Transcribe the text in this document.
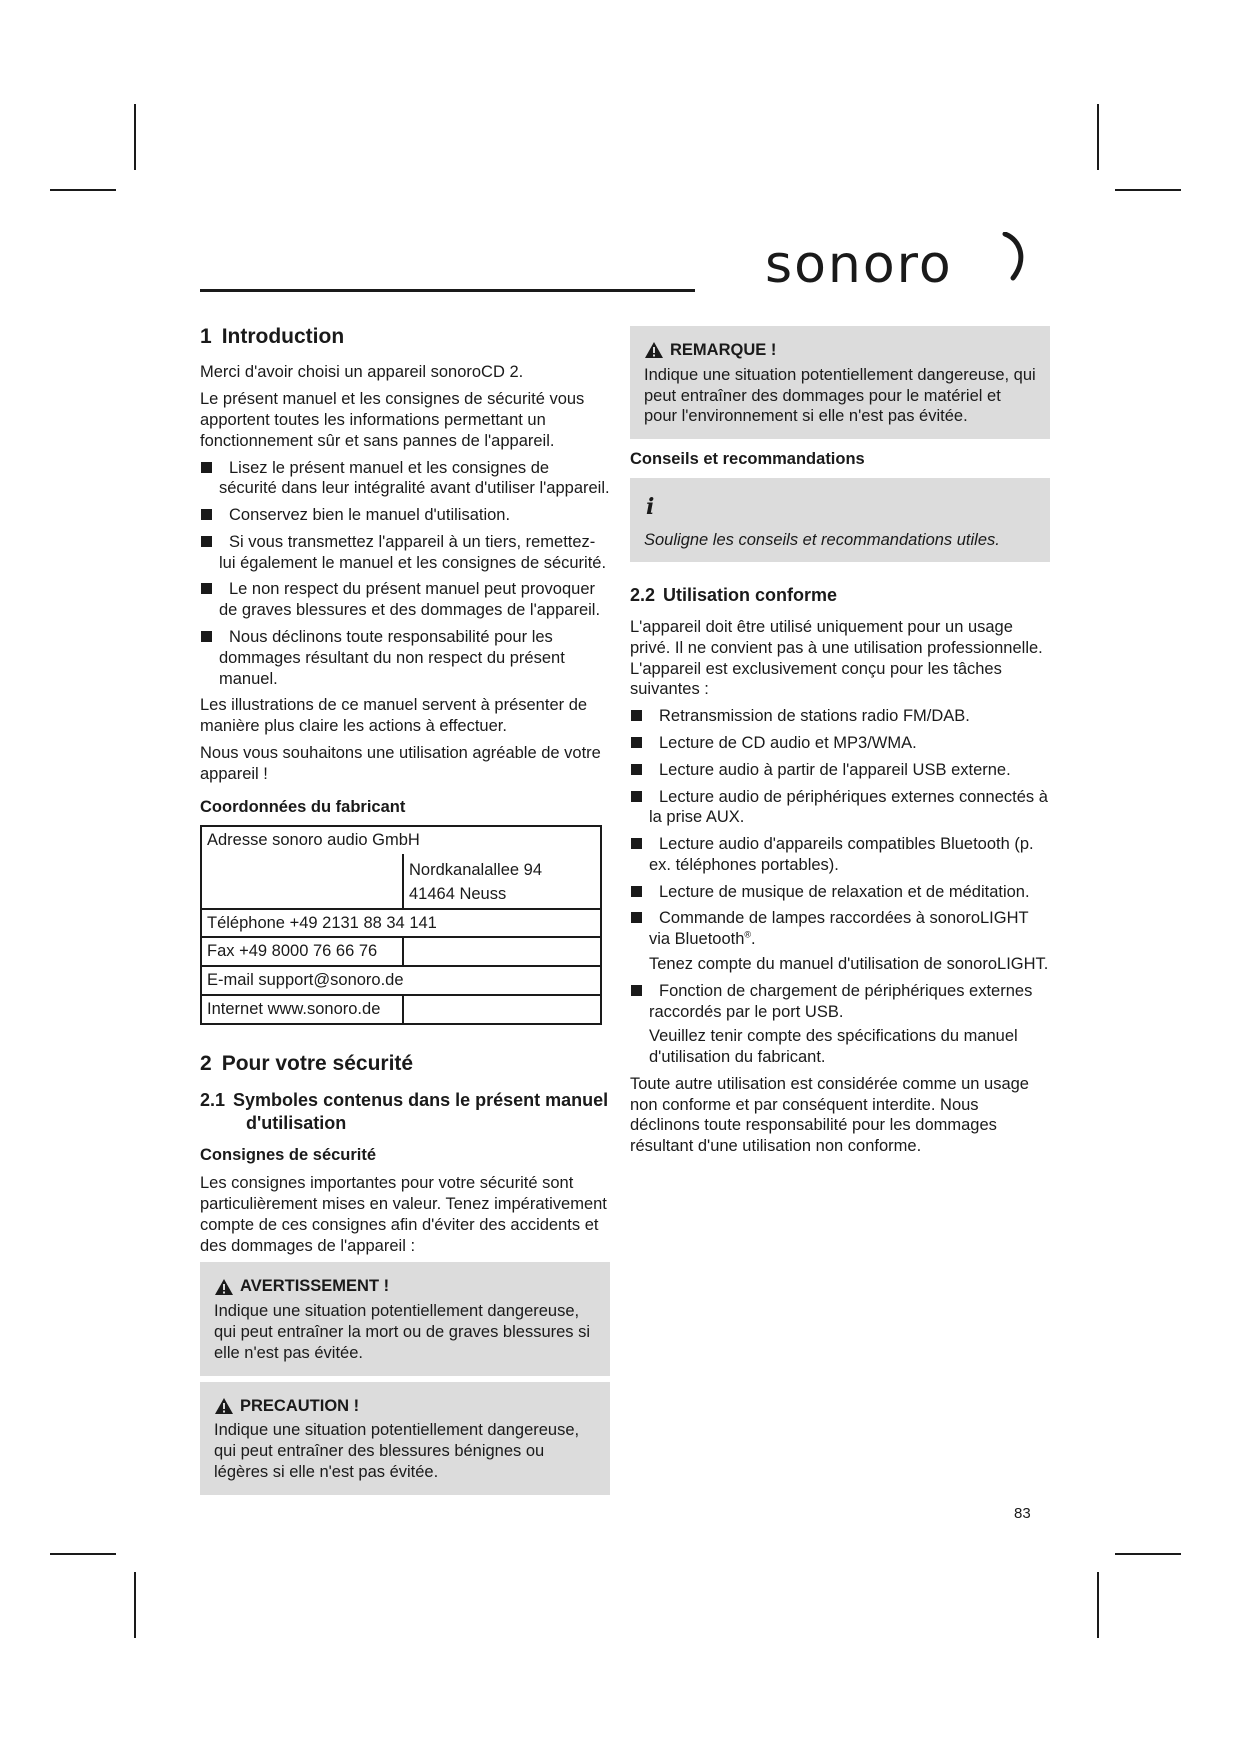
sonoro
1 Introduction

Merci d'avoir choisi un appareil sonoroCD 2.

Le présent manuel et les consignes de sécurité vous apportent toutes les informations permettant un fonctionnement sûr et sans pannes de l'appareil.

Lisez le présent manuel et les consignes de sécurité dans leur intégralité avant d'utiliser l'appareil.
Conservez bien le manuel d'utilisation.
Si vous transmettez l'appareil à un tiers, remettez-lui également le manuel et les consignes de sécurité.
Le non respect du présent manuel peut provoquer de graves blessures et des dommages de l'appareil.
Nous déclinons toute responsabilité pour les dommages résultant du non respect du présent manuel.

Les illustrations de ce manuel servent à présenter de manière plus claire les actions à effectuer.

Nous vous souhaitons une utilisation agréable de votre appareil !

Coordonnées du fabricant
Adresse sonoro audio GmbH	

	Nordkanalallee 94
41464 Neuss

Téléphone +49 2131 88 34 141	
Fax +49 8000 76 66 76	
E-mail support@sonoro.de	
Internet www.sonoro.de	
2 Pour votre sécurité
2.1 Symboles contenus dans le présent manuel d'utilisation
Consignes de sécurité

Les consignes importantes pour votre sécurité sont particulièrement mises en valeur. Tenez impérativement compte de ces consignes afin d'éviter des accidents et des dommages de l'appareil :

AVERTISSEMENT !
Indique une situation potentiellement dangereuse, qui peut entraîner la mort ou de graves blessures si elle n'est pas évitée.
PRECAUTION !
Indique une situation potentiellement dangereuse, qui peut entraîner des blessures bénignes ou légères si elle n'est pas évitée.
REMARQUE !
Indique une situation potentiellement dangereuse, qui peut entraîner des dommages pour le matériel et pour l'environnement si elle n'est pas évitée.
Conseils et recommandations
i
Souligne les conseils et recommandations utiles.
2.2 Utilisation conforme

L'appareil doit être utilisé uniquement pour un usage privé. Il ne convient pas à une utilisation professionnelle. L'appareil est exclusivement conçu pour les tâches suivantes :

Retransmission de stations radio FM/DAB.
Lecture de CD audio et MP3/WMA.
Lecture audio à partir de l'appareil USB externe.
Lecture audio de périphériques externes connectés à la prise AUX.
Lecture audio d'appareils compatibles Bluetooth (p. ex. téléphones portables).
Lecture de musique de relaxation et de méditation.
Commande de lampes raccordées à sonoroLIGHT via Bluetooth®.
Tenez compte du manuel d'utilisation de sonoroLIGHT.
Fonction de chargement de périphériques externes raccordés par le port USB.
Veuillez tenir compte des spécifications du manuel d'utilisation du fabricant.

Toute autre utilisation est considérée comme un usage non conforme et par conséquent interdite. Nous déclinons toute responsabilité pour les dommages résultant d'une utilisation non conforme.

83
